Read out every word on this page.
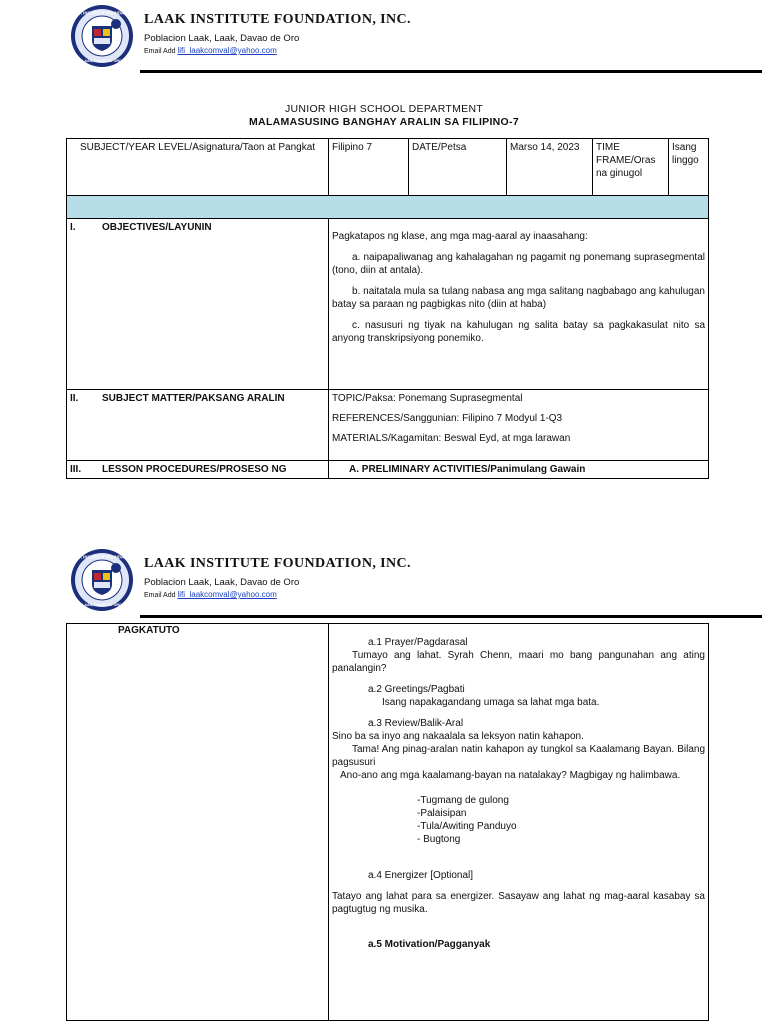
LAAK INSTITUTE FOUNDATION
LAAK, DAVAO DE ORO
LAAK INSTITUTE FOUNDATION, INC.
Poblacion Laak, Laak, Davao de Oro
Email Add lifi_laakcomval@yahoo.com
JUNIOR HIGH SCHOOL DEPARTMENT
MALAMASUSING BANGHAY ARALIN SA FILIPINO-7
SUBJECT/YEAR LEVEL/Asignatura/Taon at Pangkat	Filipino 7	DATE/Petsa	Marso 14, 2023	TIME FRAME/Oras na ginugol	Isang linggo

I. OBJECTIVES/LAYUNIN	Pagkatapos ng klase, ang mga mag-aaral ay inaasahang:

a. naipapaliwanag ang kahalagahan ng pagamit ng ponemang suprasegmental (tono, diin at antala).

b. naitatala mula sa tulang nabasa ang mga salitang nagbabago ang kahulugan batay sa paraan ng pagbigkas nito (diin at haba)

c. nasusuri ng tiyak na kahulugan ng salita batay sa pagkakasulat nito sa anyong transkripsiyong ponemiko.				

II. SUBJECT MATTER/PAKSANG ARALIN	TOPIC/Paksa: Ponemang Suprasegmental

REFERENCES/Sanggunian: Filipino 7 Modyul 1-Q3

MATERIALS/Kagamitan: Beswal Eyd, at mga larawan				

III. LESSON PROCEDURES/PROSESO NG	A. PRELIMINARY ACTIVITIES/Panimulang Gawain				
LAAK INSTITUTE FOUNDATION
LAAK, DAVAO DE ORO
LAAK INSTITUTE FOUNDATION, INC.
Poblacion Laak, Laak, Davao de Oro
Email Add lifi_laakcomval@yahoo.com
PAGKATUTO	

a.1 Prayer/Pagdarasal

Tumayo ang lahat. Syrah Chenn, maari mo bang pangunahan ang ating panalangin?

a.2 Greetings/Pagbati

Isang napakagandang umaga sa lahat mga bata.

a.3 Review/Balik-Aral

Sino ba sa inyo ang nakaalala sa leksyon natin kahapon.

Tama! Ang pinag-aralan natin kahapon ay tungkol sa Kaalamang Bayan. Bilang pagsusuri

Ano-ano ang mga kaalamang-bayan na natalakay? Magbigay ng halimbawa.

-Tugmang de gulong

-Palaisipan

-Tula/Awiting Panduyo

- Bugtong

a.4 Energizer [Optional]

Tatayo ang lahat para sa energizer. Sasayaw ang lahat ng mag-aaral kasabay sa pagtugtug ng musika.

a.5 Motivation/Pagganyak
